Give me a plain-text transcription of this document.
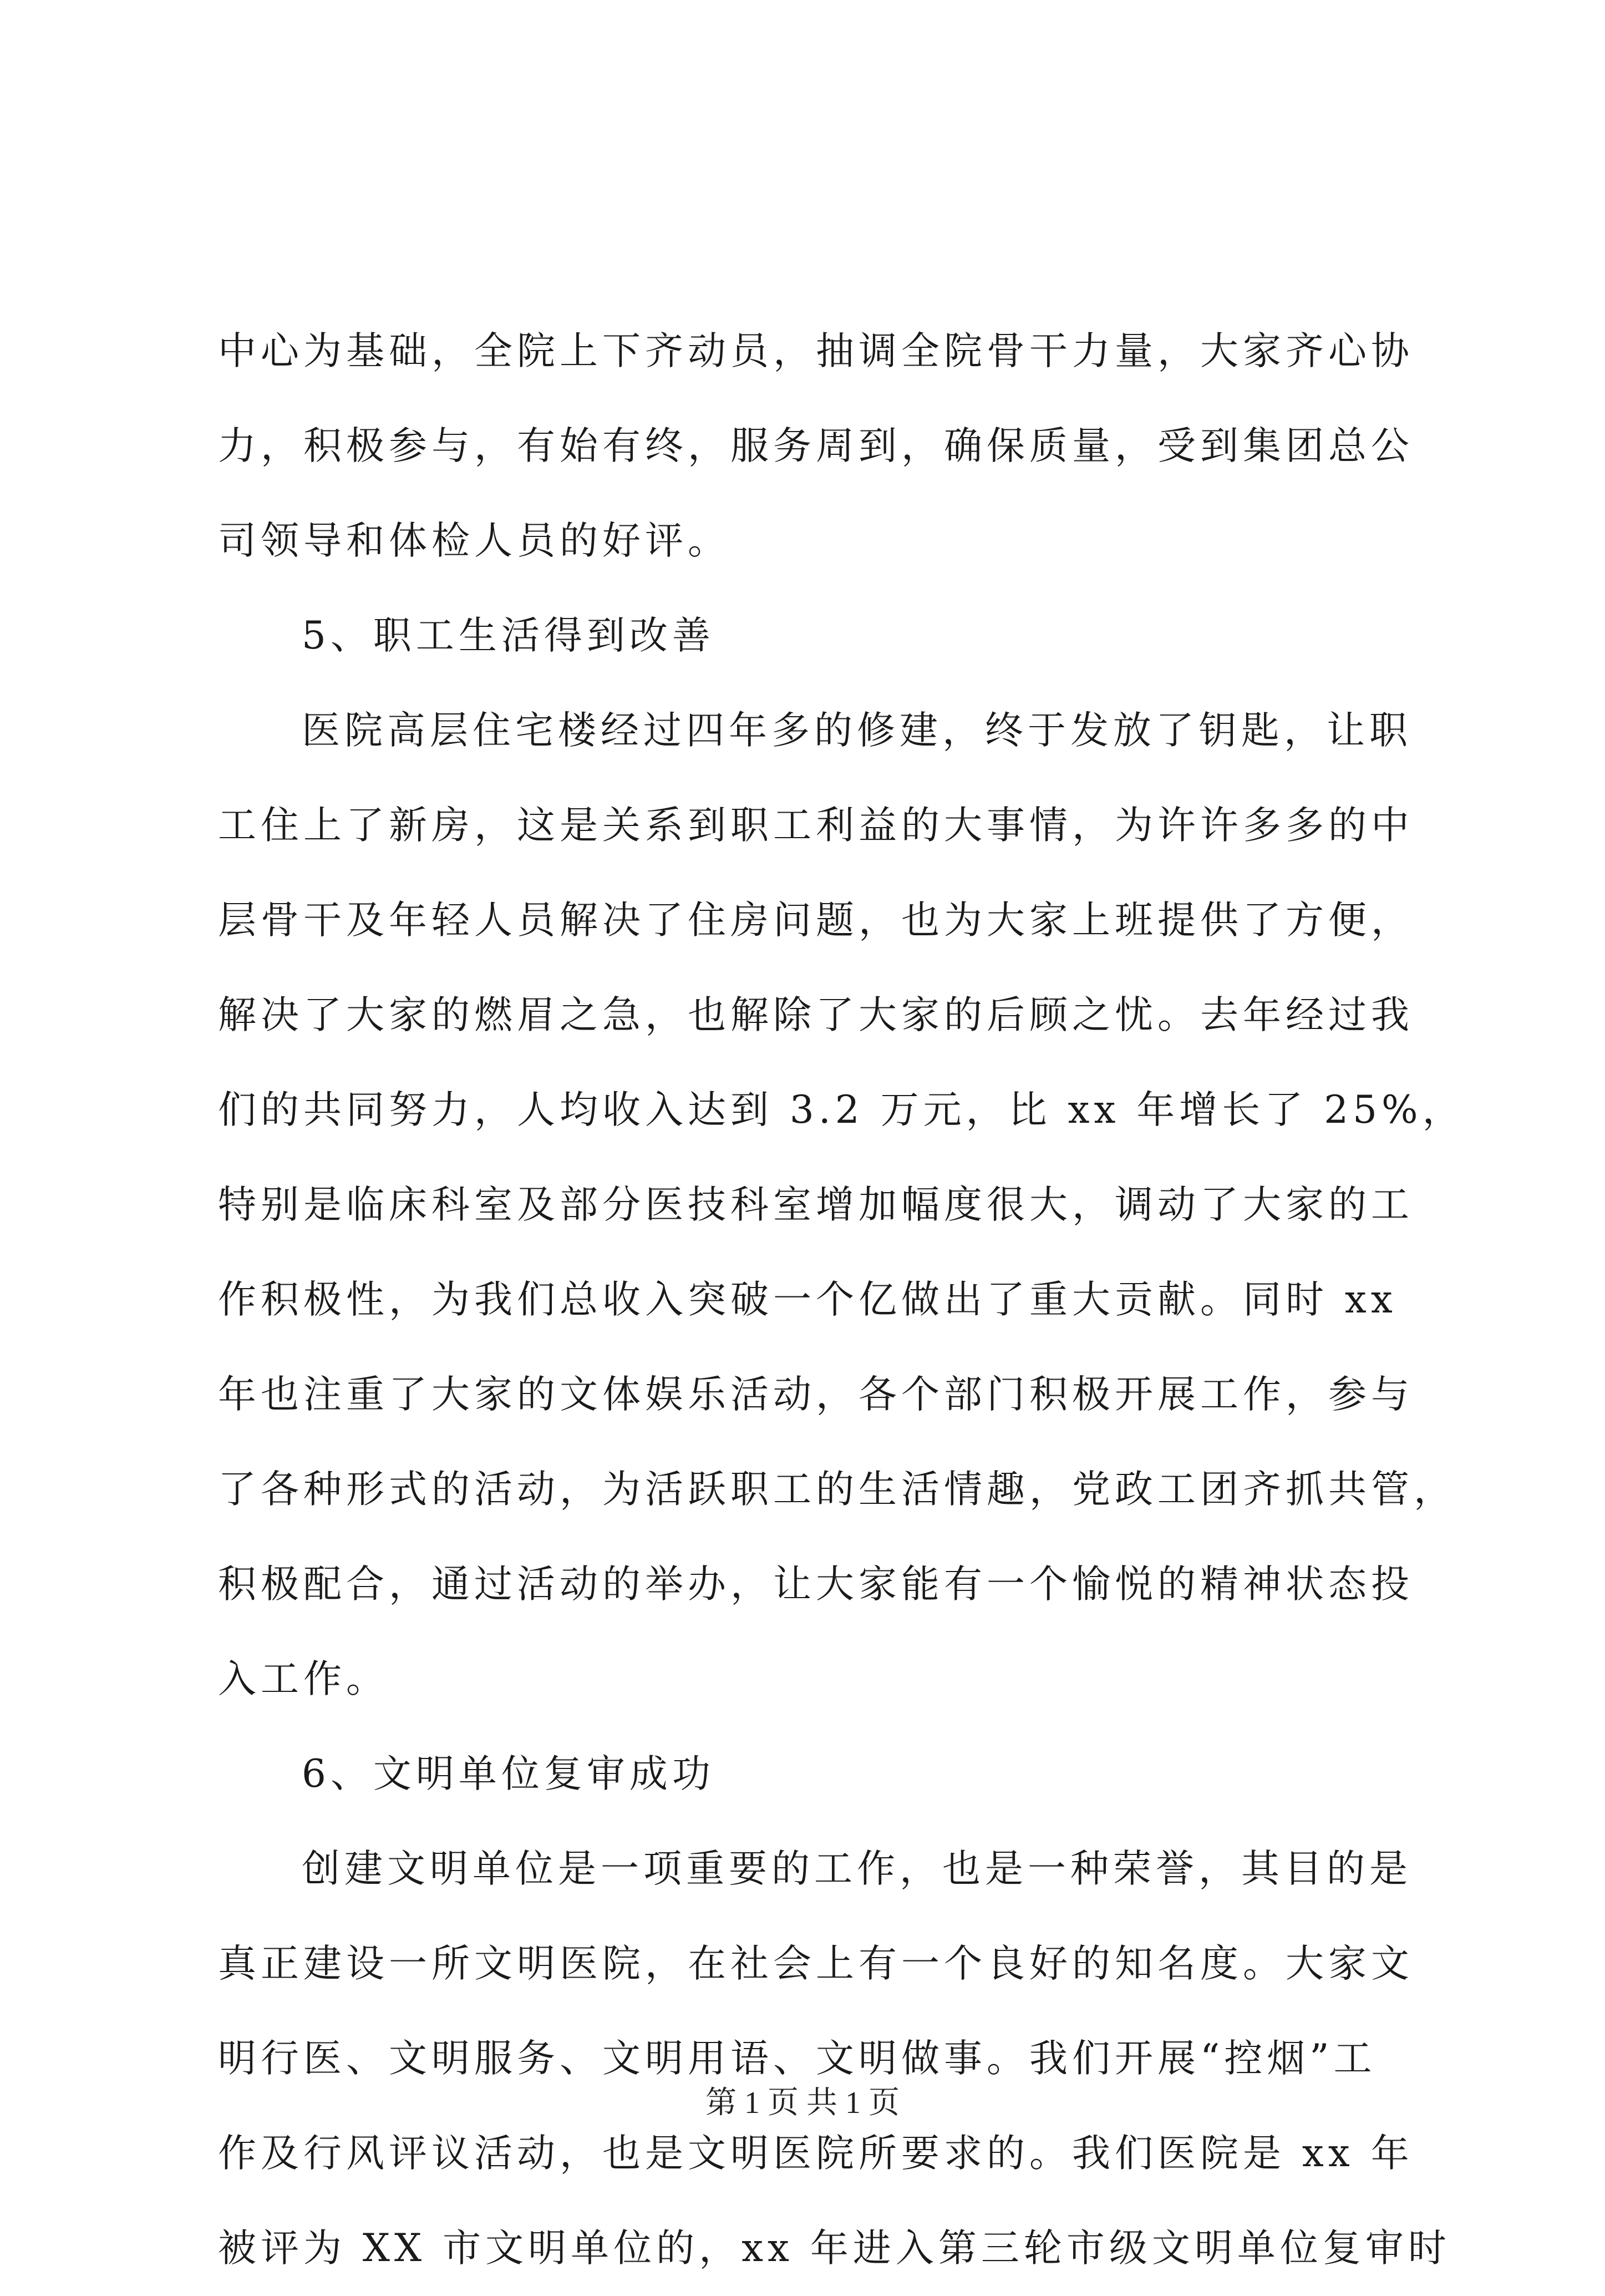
中心为基础，全院上下齐动员，抽调全院骨干力量，大家齐心协
力，积极参与，有始有终，服务周到，确保质量，受到集团总公
司领导和体检人员的好评。
5、职工生活得到改善
医院高层住宅楼经过四年多的修建，终于发放了钥匙，让职
工住上了新房，这是关系到职工利益的大事情，为许许多多的中
层骨干及年轻人员解决了住房问题，也为大家上班提供了方便，
解决了大家的燃眉之急，也解除了大家的后顾之忧。去年经过我
们的共同努力，人均收入达到 3.2 万元，比 xx 年增长了 25%，
特别是临床科室及部分医技科室增加幅度很大，调动了大家的工
作积极性，为我们总收入突破一个亿做出了重大贡献。同时 xx
年也注重了大家的文体娱乐活动，各个部门积极开展工作，参与
了各种形式的活动，为活跃职工的生活情趣，党政工团齐抓共管，
积极配合，通过活动的举办，让大家能有一个愉悦的精神状态投
入工作。
6、文明单位复审成功
创建文明单位是一项重要的工作，也是一种荣誉，其目的是
真正建设一所文明医院，在社会上有一个良好的知名度。大家文
明行医、文明服务、文明用语、文明做事。我们开展“控烟”工
作及行风评议活动，也是文明医院所要求的。我们医院是 xx 年
被评为 XX 市文明单位的，xx 年进入第三轮市级文明单位复审时
第 1 页 共 1 页
